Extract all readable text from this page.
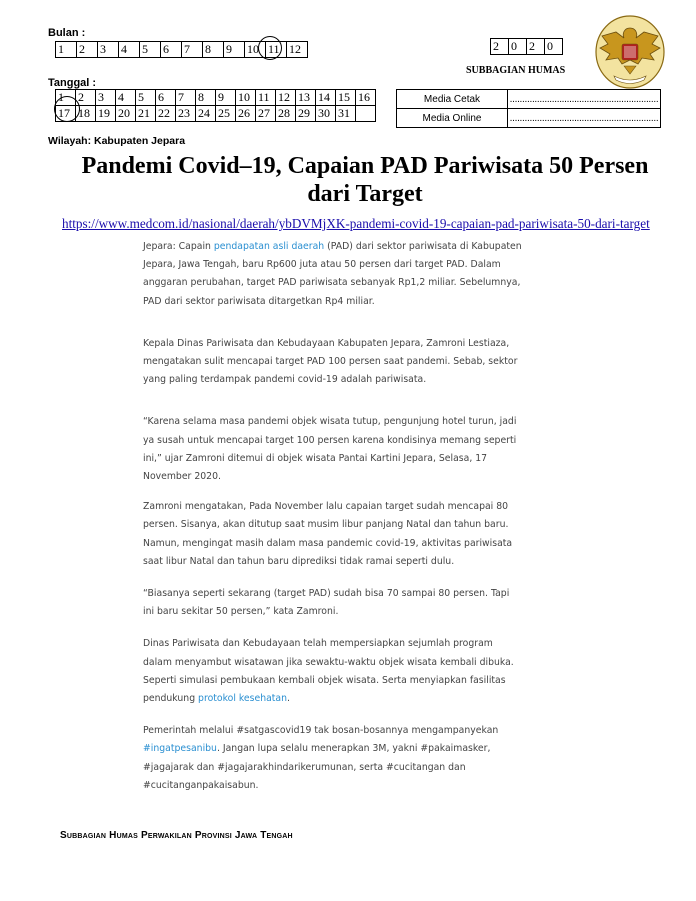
Bulan :
1	2	3	4	5	6	7	8	9	10	11	12	2	0	2	0
SUBBAGIAN HUMAS
Tanggal :
1	2	3	4	5	6	7	8	9	10	11	12	13	14	15	16
17	18	19	20	21	22	23	24	25	26	27	28	29	30	31	
Media Cetak	............................................................
Media Online	............................................................
Wilayah: Kabupaten Jepara
Pandemi Covid–19, Capaian PAD Pariwisata 50 Persen
dari Target
https://www.medcom.id/nasional/daerah/ybDVMjXK-pandemi-covid-19-capaian-pad-pariwisata-50-dari-target

Jepara: Capain pendapatan asli daerah (PAD) dari sektor pariwisata di Kabupaten Jepara, Jawa Tengah, baru Rp600 juta atau 50 persen dari target PAD. Dalam anggaran perubahan, target PAD pariwisata sebanyak Rp1,2 miliar. Sebelumnya, PAD dari sektor pariwisata ditargetkan Rp4 miliar.

Kepala Dinas Pariwisata dan Kebudayaan Kabupaten Jepara, Zamroni Lestiaza, mengatakan sulit mencapai target PAD 100 persen saat pandemi. Sebab, sektor yang paling terdampak pandemi covid-19 adalah pariwisata.

“Karena selama masa pandemi objek wisata tutup, pengunjung hotel turun, jadi ya susah untuk mencapai target 100 persen karena kondisinya memang seperti ini,” ujar Zamroni ditemui di objek wisata Pantai Kartini Jepara, Selasa, 17 November 2020.

Zamroni mengatakan, Pada November lalu capaian target sudah mencapai 80 persen. Sisanya, akan ditutup saat musim libur panjang Natal dan tahun baru. Namun, mengingat masih dalam masa pandemic covid-19, aktivitas pariwisata saat libur Natal dan tahun baru diprediksi tidak ramai seperti dulu.

“Biasanya seperti sekarang (target PAD) sudah bisa 70 sampai 80 persen. Tapi ini baru sekitar 50 persen,” kata Zamroni.

Dinas Pariwisata dan Kebudayaan telah mempersiapkan sejumlah program dalam menyambut wisatawan jika sewaktu-waktu objek wisata kembali dibuka. Seperti simulasi pembukaan kembali objek wisata. Serta menyiapkan fasilitas pendukung protokol kesehatan.

Pemerintah melalui #satgascovid19 tak bosan-bosannya mengampanyekan #ingatpesanibu. Jangan lupa selalu menerapkan 3M, yakni #pakaimasker, #jagajarak dan #jagajarakhindarikerumunan, serta #cucitangan dan #cucitanganpakaisabun.

Subbagian Humas Perwakilan Provinsi Jawa Tengah
